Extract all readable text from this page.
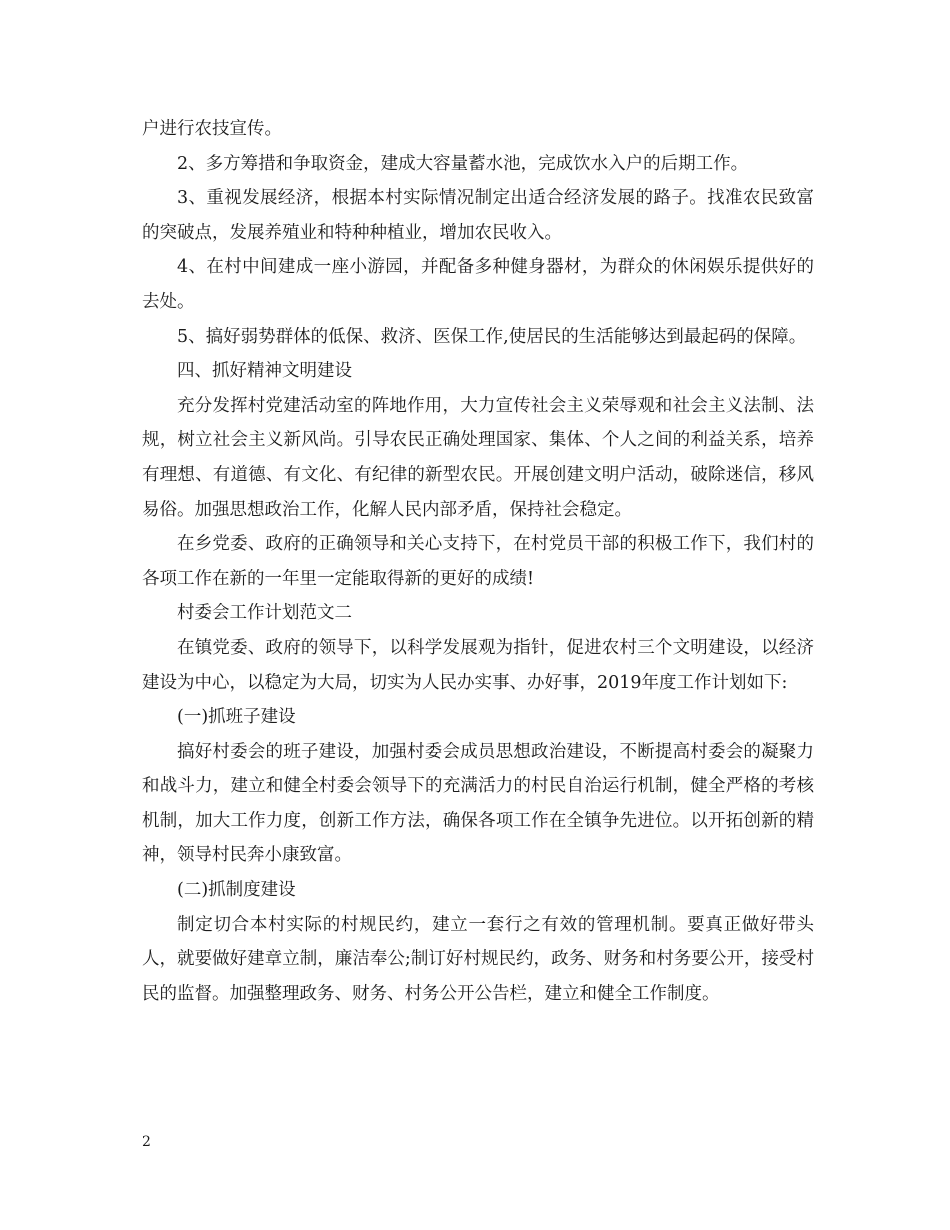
户进行农技宣传。

2、多方筹措和争取资金，建成大容量蓄水池，完成饮水入户的后期工作。

3、重视发展经济，根据本村实际情况制定出适合经济发展的路子。找准农民致富的突破点，发展养殖业和特种种植业，增加农民收入。

4、在村中间建成一座小游园，并配备多种健身器材，为群众的休闲娱乐提供好的去处。

5、搞好弱势群体的低保、救济、医保工作,使居民的生活能够达到最起码的保障。

四、抓好精神文明建设

充分发挥村党建活动室的阵地作用，大力宣传社会主义荣辱观和社会主义法制、法规，树立社会主义新风尚。引导农民正确处理国家、集体、个人之间的利益关系，培养有理想、有道德、有文化、有纪律的新型农民。开展创建文明户活动，破除迷信，移风易俗。加强思想政治工作，化解人民内部矛盾，保持社会稳定。

在乡党委、政府的正确领导和关心支持下，在村党员干部的积极工作下，我们村的各项工作在新的一年里一定能取得新的更好的成绩!

村委会工作计划范文二

在镇党委、政府的领导下，以科学发展观为指针，促进农村三个文明建设，以经济建设为中心，以稳定为大局，切实为人民办实事、办好事，2019年度工作计划如下:

(一)抓班子建设

搞好村委会的班子建设，加强村委会成员思想政治建设，不断提高村委会的凝聚力和战斗力，建立和健全村委会领导下的充满活力的村民自治运行机制，健全严格的考核机制，加大工作力度，创新工作方法，确保各项工作在全镇争先进位。以开拓创新的精神，领导村民奔小康致富。

(二)抓制度建设

制定切合本村实际的村规民约，建立一套行之有效的管理机制。要真正做好带头人，就要做好建章立制，廉洁奉公;制订好村规民约，政务、财务和村务要公开，接受村民的监督。加强整理政务、财务、村务公开公告栏，建立和健全工作制度。

2
